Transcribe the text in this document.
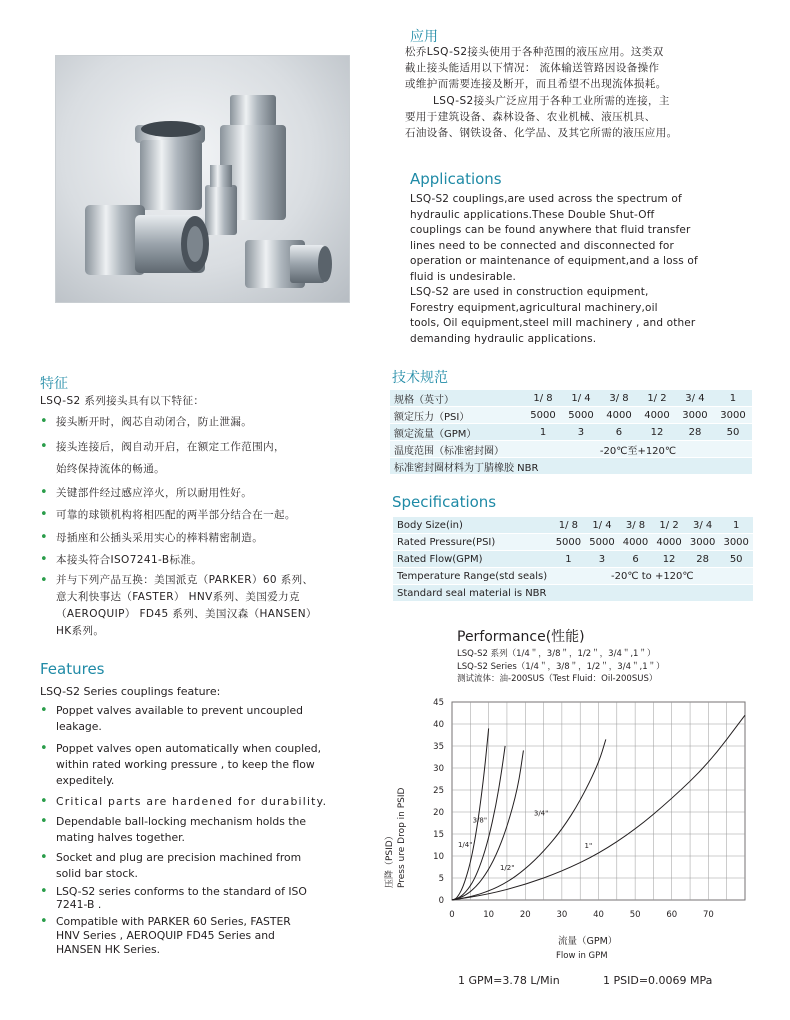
应用
松乔LSQ-S2接头使用于各种范围的液压应用。这类双
截止接头能适用以下情况： 流体输送管路因设备操作
或维护而需要连接及断开，而且希望不出现流体损耗。
LSQ-S2接头广泛应用于各种工业所需的连接，主
要用于建筑设备、森林设备、农业机械、液压机具、
石油设备、钢铁设备、化学品、及其它所需的液压应用。
Applications
LSQ-S2 couplings,are used across the spectrum of
hydraulic applications.These Double Shut-Off
couplings can be found anywhere that fluid transfer
lines need to be connected and disconnected for
operation or maintenance of equipment,and a loss of
fluid is undesirable.
LSQ-S2 are used in construction equipment,
Forestry equipment,agricultural machinery,oil
tools, Oil equipment,steel mill machinery , and other
demanding hydraulic applications.
特征
LSQ-S2 系列接头具有以下特征：
• 接头断开时，阀芯自动闭合，防止泄漏。
• 接头连接后，阀自动开启，在额定工作范围内，
始终保持流体的畅通。
• 关键部件经过感应淬火，所以耐用性好。
• 可靠的球锁机构将相匹配的两半部分结合在一起。
• 母插座和公插头采用实心的棒料精密制造。
• 本接头符合ISO7241-B标准。
• 并与下列产品互换：美国派克（PARKER）60 系列、
意大利快事达（FASTER） HNV系列、美国爱力克
（AEROQUIP） FD45 系列、美国汉森（HANSEN）
HK系列。
Features
LSQ-S2 Series couplings feature:
• Poppet valves available to prevent uncoupled
leakage.
• Poppet valves open automatically when coupled,
within rated working pressure , to keep the flow
expeditely.
• Critical parts are hardened for durability.
• Dependable ball-locking mechanism holds the
mating halves together.
• Socket and plug are precision machined from
solid bar stock.
• LSQ-S2 series conforms to the standard of ISO
7241-B .
• Compatible with PARKER 60 Series, FASTER
HNV Series , AEROQUIP FD45 Series and
HANSEN HK Series.
技术规范
规格（英寸）	1/ 8	1/ 4	3/ 8	1/ 2	3/ 4	1
额定压力（PSI）	5000	5000	4000	4000	3000	3000
额定流量（GPM）	1	3	6	12	28	50
温度范围（标准密封圈）	-20℃至+120℃					
标准密封圈材料为丁腈橡胶 NBR						
Specifications
Body Size(in)	1/ 8	1/ 4	3/ 8	1/ 2	3/ 4	1
Rated Pressure(PSI)	5000	5000	4000	4000	3000	3000
Rated Flow(GPM)	1	3	6	12	28	50
Temperature Range(std seals)	-20℃ to +120℃					
Standard seal material is NBR						
Performance(性能)
LSQ-S2 系列（1/4＂，3/8＂，1/2＂，3/4＂,1＂）
LSQ-S2 Series（1/4＂，3/8＂，1/2＂，3/4＂,1＂）
测试流体：油-200SUS（Test Fluid：Oil-200SUS）
0
5
10
15
20
25
30
35
40
45
0	10	20	30	40	50	60	70
1/4"
3/8"
1/2"
3/4"
1"
压降（PSID） Press ure Drop in PSID
流量（GPM）
Flow in GPM
1 GPM=3.78 L/Min	1 PSID=0.0069 MPa
